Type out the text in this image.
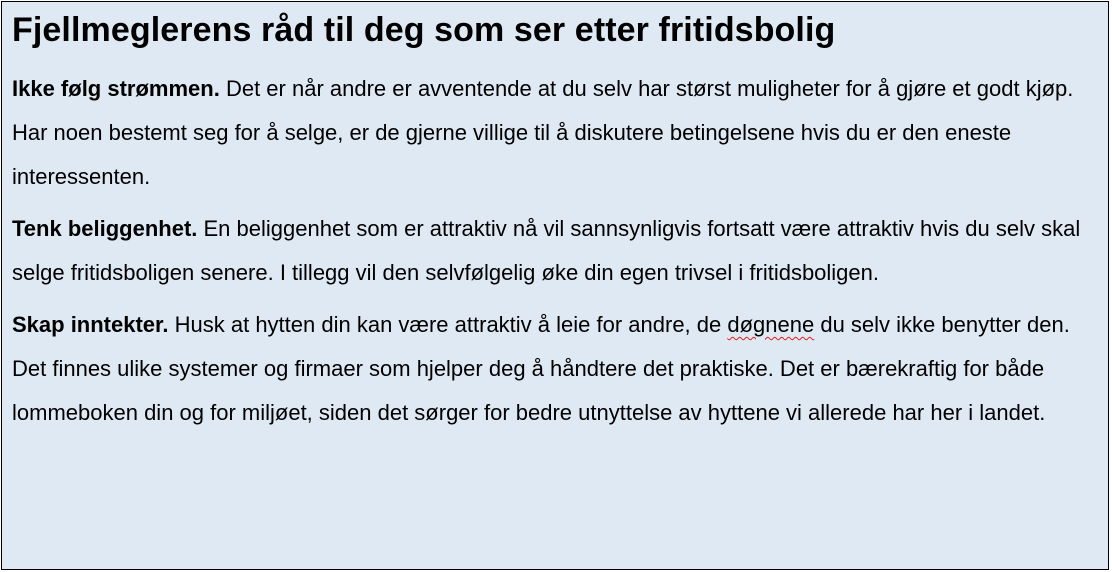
Fjellmeglerens råd til deg som ser etter fritidsbolig

Ikke følg strømmen. Det er når andre er avventende at du selv har størst muligheter for å gjøre et godt kjøp. Har noen bestemt seg for å selge, er de gjerne villige til å diskutere betingelsene hvis du er den eneste interessenten.

Tenk beliggenhet. En beliggenhet som er attraktiv nå vil sannsynligvis fortsatt være attraktiv hvis du selv skal selge fritidsboligen senere. I tillegg vil den selvfølgelig øke din egen trivsel i fritidsboligen.

Skap inntekter. Husk at hytten din kan være attraktiv å leie for andre, de døgnene du selv ikke benytter den. Det finnes ulike systemer og firmaer som hjelper deg å håndtere det praktiske. Det er bærekraftig for både lommeboken din og for miljøet, siden det sørger for bedre utnyttelse av hyttene vi allerede har her i landet.
